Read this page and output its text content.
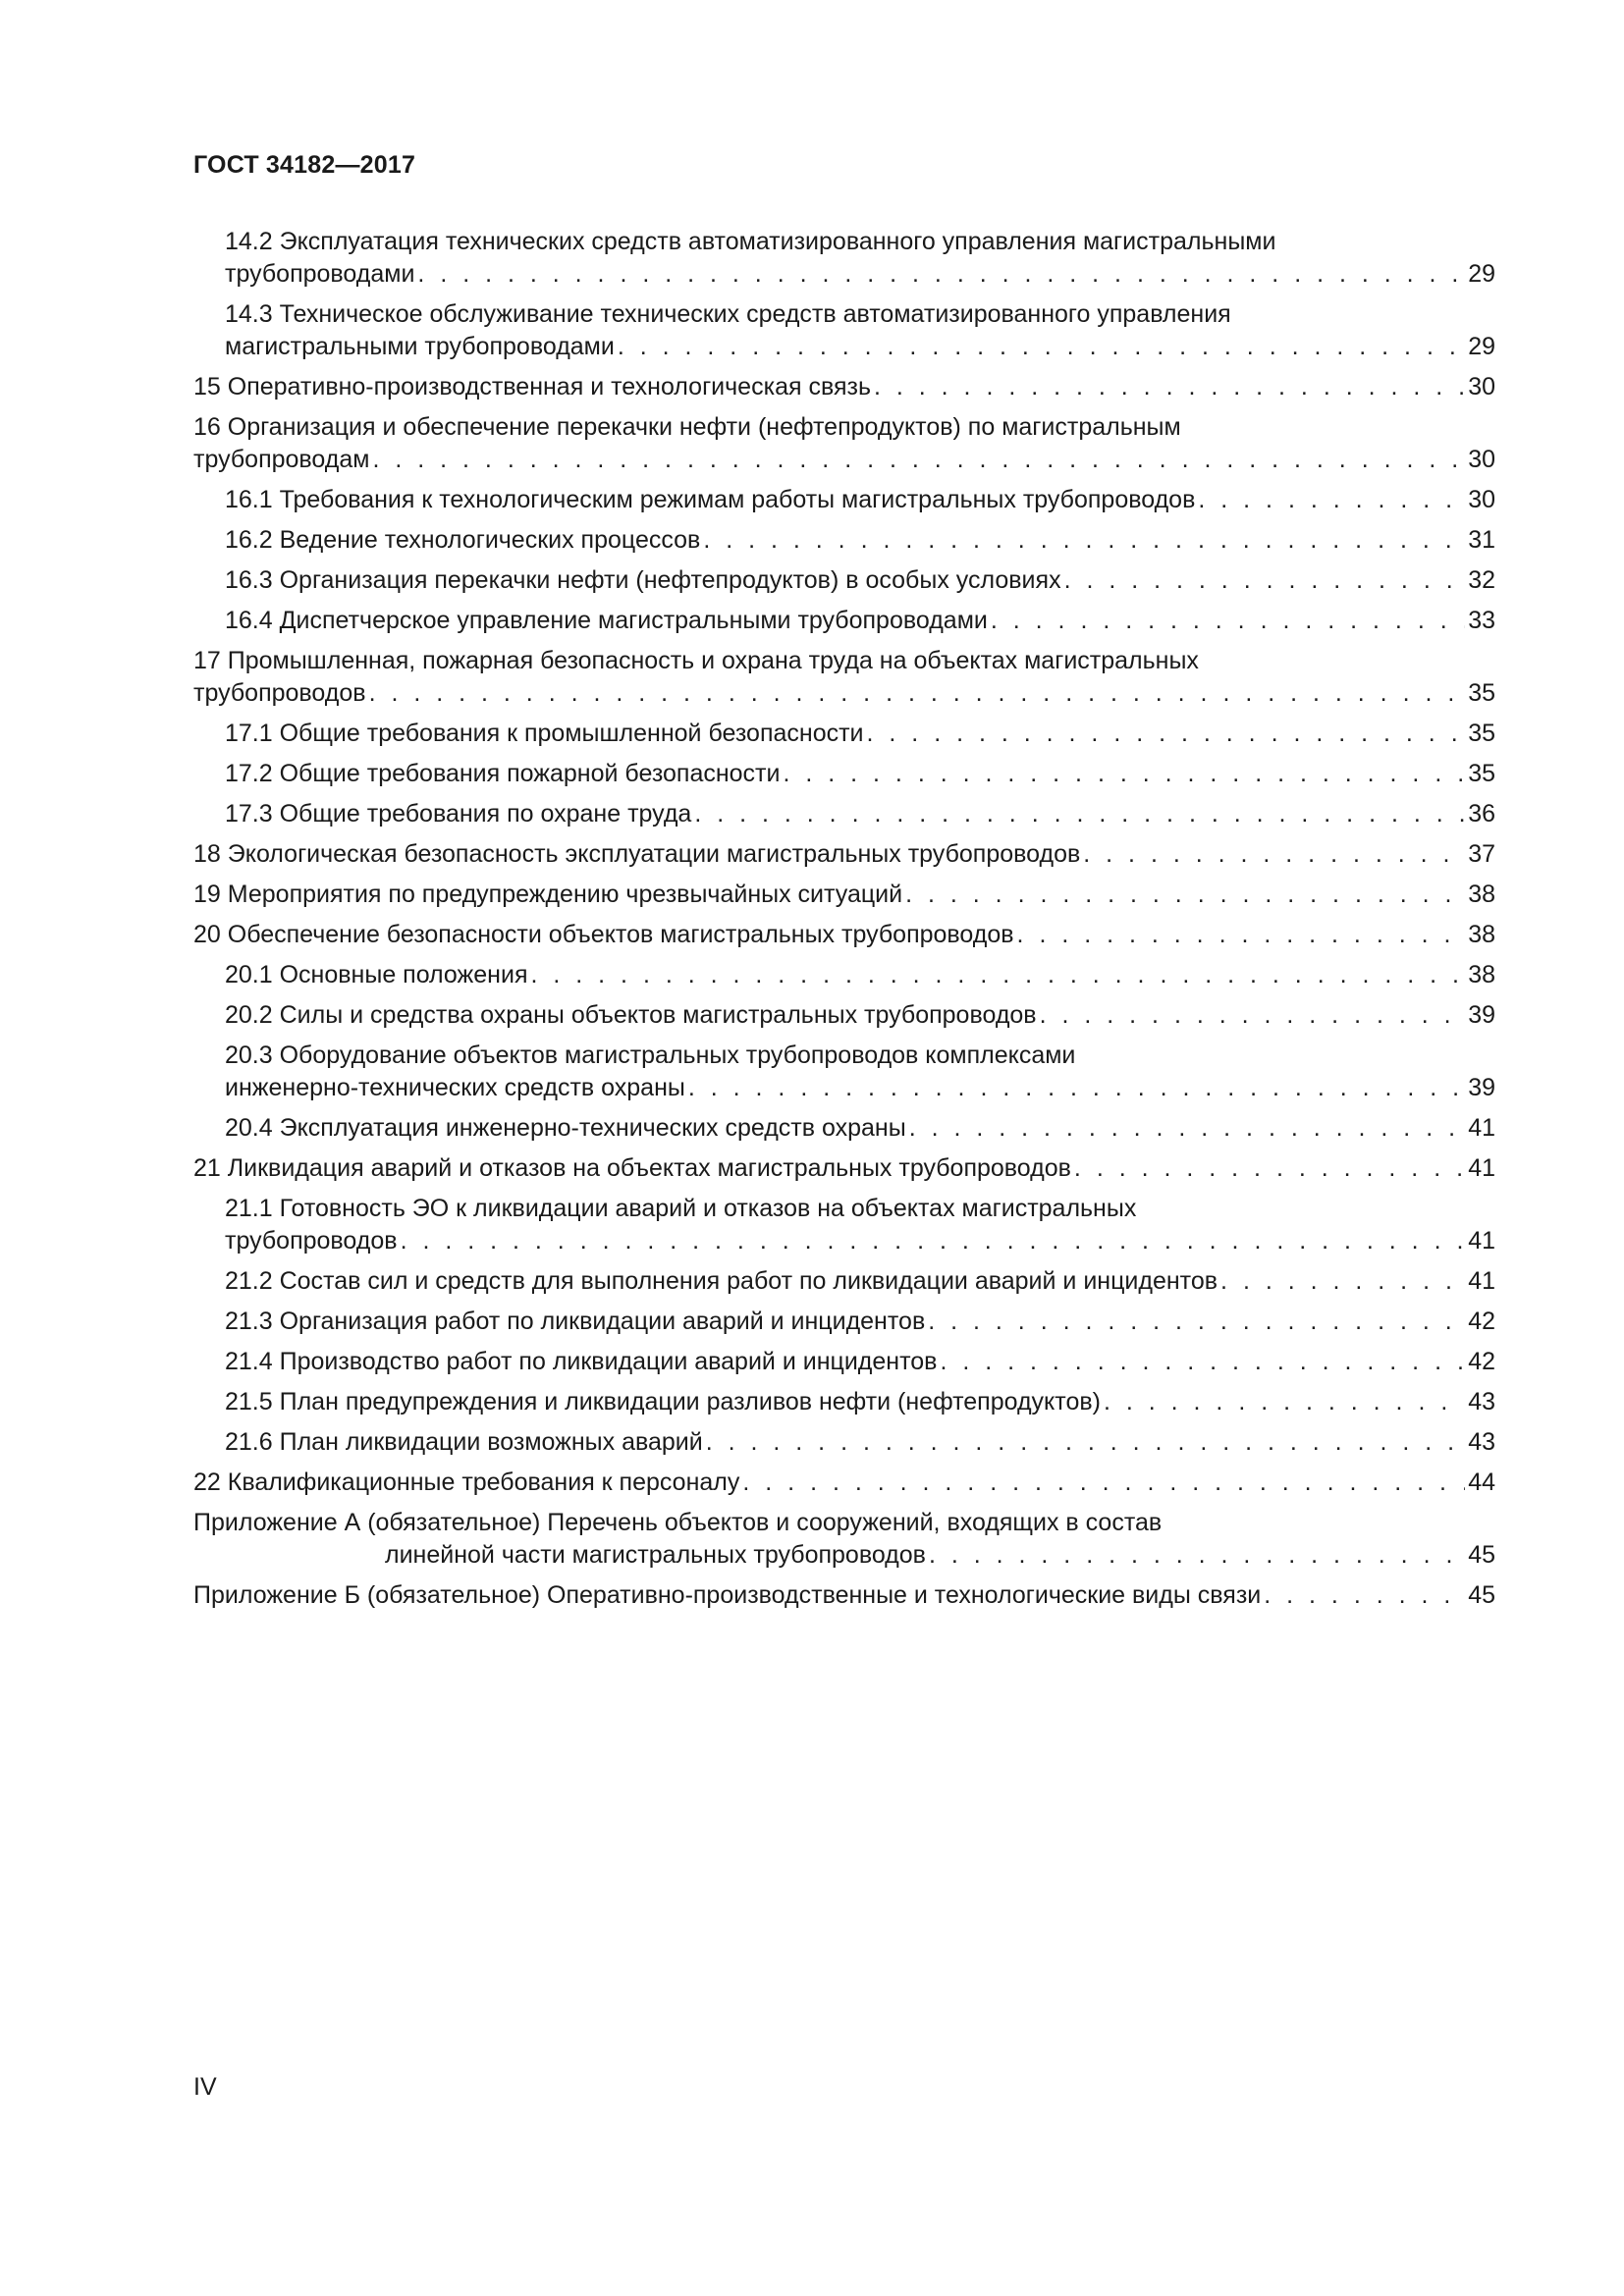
ГОСТ 34182—2017
14.2 Эксплуатация технических средств автоматизированного управления магистральными
трубопроводами . . .	29
14.3 Техническое обслуживание технических средств автоматизированного управления
магистральными трубопроводами . . .	29
15 Оперативно-производственная и технологическая связь . . .	30
16 Организация и обеспечение перекачки нефти (нефтепродуктов) по магистральным
трубопроводам . . .	30
16.1 Требования к технологическим режимам работы магистральных трубопроводов . . .	30
16.2 Ведение технологических процессов . . .	31
16.3 Организация перекачки нефти (нефтепродуктов) в особых условиях . . .	32
16.4 Диспетчерское управление магистральными трубопроводами . . .	33
17 Промышленная, пожарная безопасность и охрана труда на объектах магистральных
трубопроводов . . .	35
17.1 Общие требования к промышленной безопасности . . .	35
17.2 Общие требования пожарной безопасности . . .	35
17.3 Общие требования по охране труда . . .	36
18 Экологическая безопасность эксплуатации магистральных трубопроводов . . .	37
19 Мероприятия по предупреждению чрезвычайных ситуаций . . .	38
20 Обеспечение безопасности объектов магистральных трубопроводов . . .	38
20.1 Основные положения . . .	38
20.2 Силы и средства охраны объектов магистральных трубопроводов . . .	39
20.3 Оборудование объектов магистральных трубопроводов комплексами
инженерно-технических средств охраны . . .	39
20.4 Эксплуатация инженерно-технических средств охраны . . .	41
21 Ликвидация аварий и отказов на объектах магистральных трубопроводов . . .	41
21.1 Готовность ЭО к ликвидации аварий и отказов на объектах магистральных
трубопроводов . . .	41
21.2 Состав сил и средств для выполнения работ по ликвидации аварий и инцидентов . . .	41
21.3 Организация работ по ликвидации аварий и инцидентов . . .	42
21.4 Производство работ по ликвидации аварий и инцидентов . . .	42
21.5 План предупреждения и ликвидации разливов нефти (нефтепродуктов) . . .	43
21.6 План ликвидации возможных аварий . . .	43
22 Квалификационные требования к персоналу . . .	44
Приложение А (обязательное) Перечень объектов и сооружений, входящих в состав
линейной части магистральных трубопроводов . . .	45
Приложение Б (обязательное) Оперативно-производственные и технологические виды связи . . .	45
IV
